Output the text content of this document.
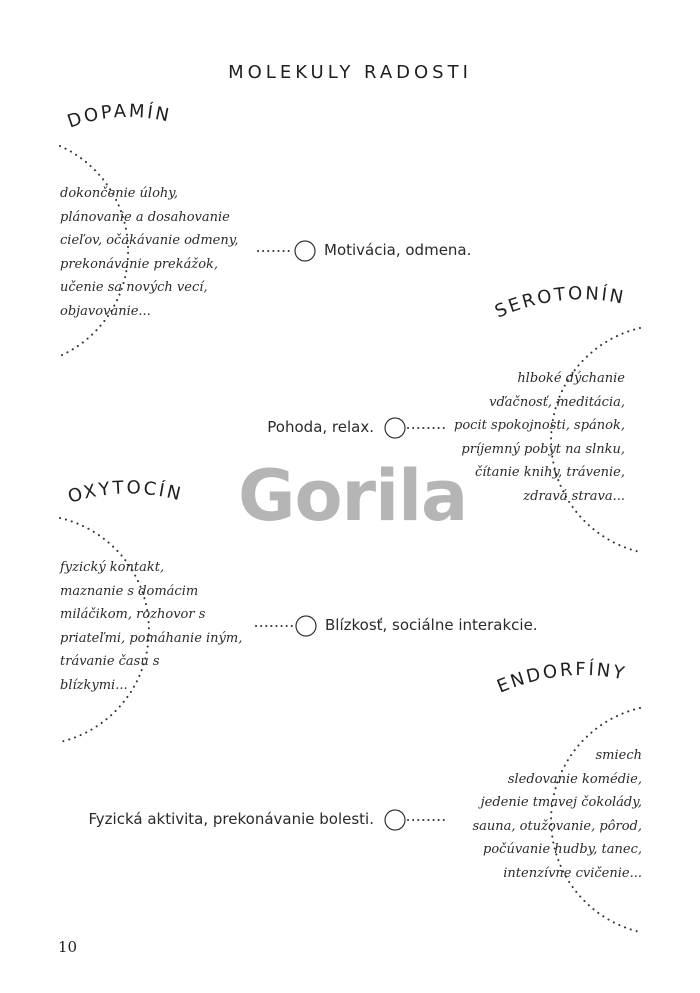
MOLEKULY RADOSTI
DOPAMÍN
SEROTONÍN
OXYTOCÍN
ENDORFÍNY
dokončenie úlohy,
plánovanie a dosahovanie
cieľov, očakávanie odmeny,
prekonávanie prekážok,
učenie sa nových vecí,
objavovanie...
Motivácia, odmena.
hlboké dýchanie
vďačnosť, meditácia,
pocit spokojnosti, spánok,
príjemný pobyt na slnku,
čítanie knihy, trávenie,
zdravá strava...
Pohoda, relax.
fyzický kontakt,
maznanie s domácim
miláčikom, rozhovor s
priateľmi, pomáhanie iným,
trávanie času s
blízkymi...
Blízkosť, sociálne interakcie.
smiech
sledovanie komédie,
jedenie tmavej čokolády,
sauna, otužovanie, pôrod,
počúvanie hudby, tanec,
intenzívne cvičenie...
Fyzická aktivita, prekonávanie bolesti.
Gorila
10
